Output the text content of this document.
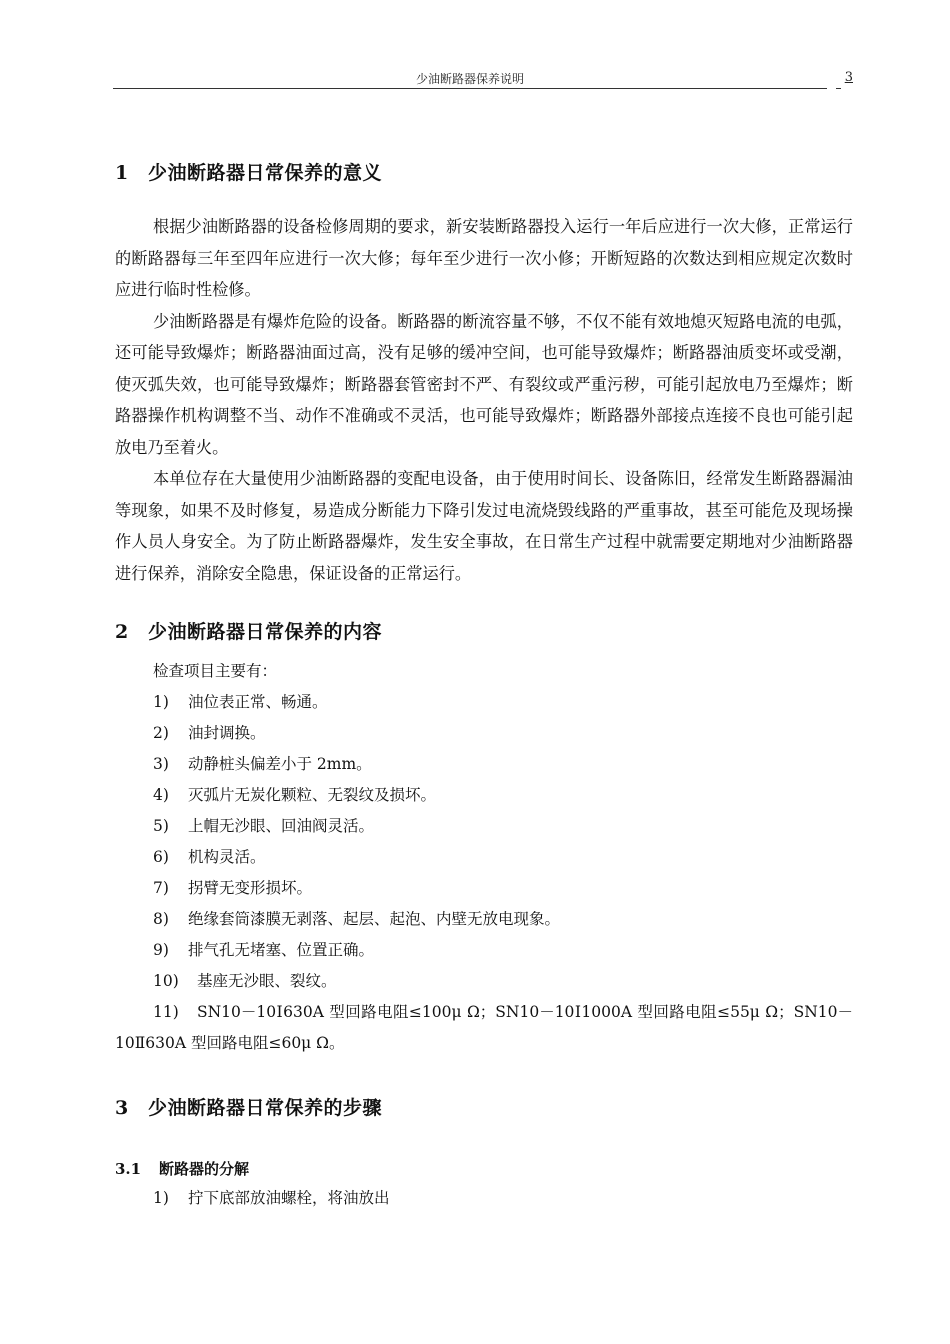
少油断路器保养说明	3
1	少油断路器日常保养的意义

根据少油断路器的设备检修周期的要求，新安装断路器投入运行一年后应进行一次大修，正常运行的断路器每三年至四年应进行一次大修；每年至少进行一次小修；开断短路的次数达到相应规定次数时应进行临时性检修。

少油断路器是有爆炸危险的设备。断路器的断流容量不够，不仅不能有效地熄灭短路电流的电弧，还可能导致爆炸；断路器油面过高，没有足够的缓冲空间，也可能导致爆炸；断路器油质变坏或受潮，使灭弧失效，也可能导致爆炸；断路器套管密封不严、有裂纹或严重污秽，可能引起放电乃至爆炸；断路器操作机构调整不当、动作不准确或不灵活，也可能导致爆炸；断路器外部接点连接不良也可能引起放电乃至着火。

本单位存在大量使用少油断路器的变配电设备，由于使用时间长、设备陈旧，经常发生断路器漏油等现象，如果不及时修复，易造成分断能力下降引发过电流烧毁线路的严重事故，甚至可能危及现场操作人员人身安全。为了防止断路器爆炸，发生安全事故，在日常生产过程中就需要定期地对少油断路器进行保养，消除安全隐患，保证设备的正常运行。

2	少油断路器日常保养的内容

检查项目主要有：

1)	油位表正常、畅通。
2)	油封调换。
3)	动静桩头偏差小于 2mm。
4)	灭弧片无炭化颗粒、无裂纹及损坏。
5)	上帽无沙眼、回油阀灵活。
6)	机构灵活。
7)	拐臂无变形损坏。
8)	绝缘套筒漆膜无剥落、起层、起泡、内壁无放电现象。
9)	排气孔无堵塞、位置正确。
10)	基座无沙眼、裂纹。
11) SN10－10Ⅰ630A 型回路电阻≤100μ Ω；SN10－10Ⅰ1000A 型回路电阻≤55μ Ω；SN10－10Ⅱ630A 型回路电阻≤60μ Ω。
3	少油断路器日常保养的步骤
3.1	断路器的分解
1)	拧下底部放油螺栓，将油放出
